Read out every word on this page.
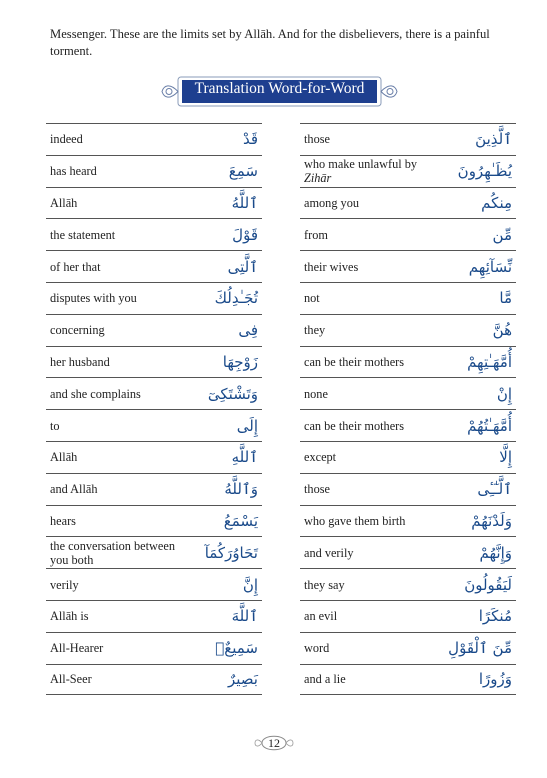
Messenger. These are the limits set by Allāh. And for the disbelievers, there is a painful torment.
Translation Word-for-Word
indeed	قَدْ
has heard	سَمِعَ
Allāh	ٱللَّهُ
the statement	قَوْلَ
of her that	ٱلَّتِى
disputes with you	تُجَـٰدِلُكَ
concerning	فِى
her husband	زَوْجِهَا
and she complains	وَتَشْتَكِىٓ
to	إِلَى
Allāh	ٱللَّهِ
and Allāh	وَٱللَّهُ
hears	يَسْمَعُ
the conversation between you both	تَحَاوُرَكُمَآ
verily	إِنَّ
Allāh is	ٱللَّهَ
All-Hearer	سَمِيعٌۢ
All-Seer	بَصِيرٌ
those	ٱلَّذِينَ
who make unlawful by Zihār	يُظَـٰهِرُونَ
among you	مِنكُم
from	مِّن
their wives	نِّسَآئِهِم
not	مَّا
they	هُنَّ
can be their mothers	أُمَّهَـٰتِهِمْ
none	إِنْ
can be their mothers	أُمَّهَـٰتُهُمْ
except	إِلَّا
those	ٱلَّـٰٓـِٔى
who gave them birth	وَلَدْنَهُمْ
and verily	وَإِنَّهُمْ
they say	لَيَقُولُونَ
an evil	مُنكَرًا
word	مِّنَ ٱلْقَوْلِ
and a lie	وَزُورًا
12
